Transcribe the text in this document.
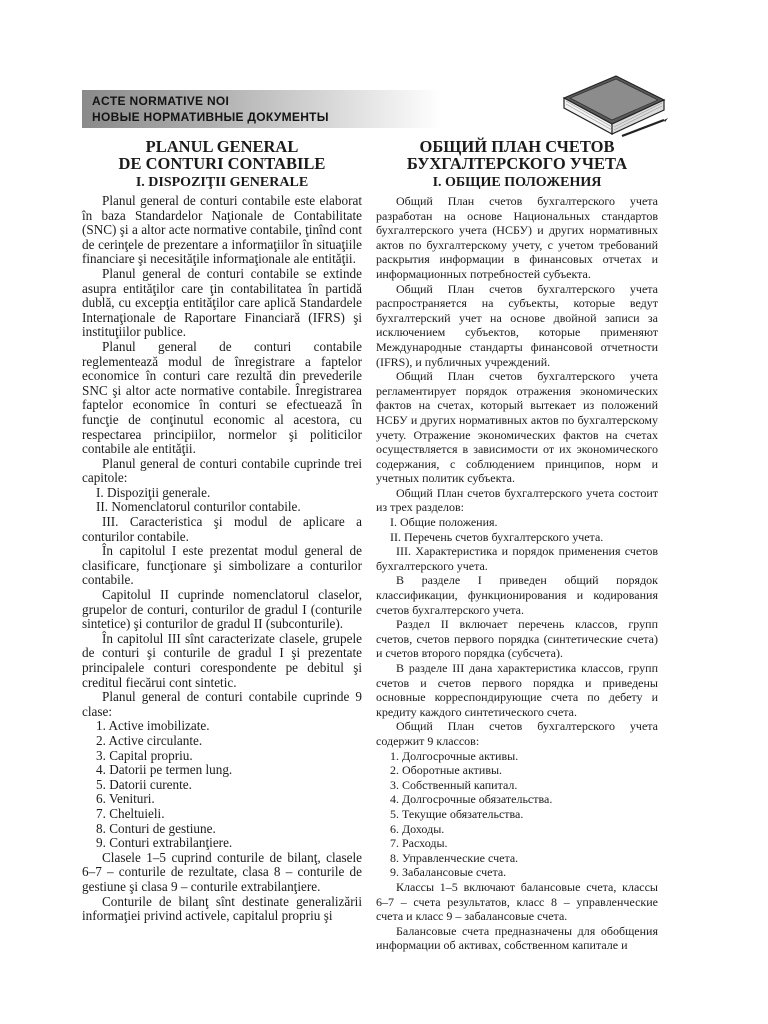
ACTE NORMATIVE NOI
НОВЫЕ НОРМАТИВНЫЕ ДОКУМЕНТЫ

PLANUL GENERAL

DE CONTURI CONTABILE

I. DISPOZIŢII GENERALE

Planul general de conturi contabile este elaborat în baza Standardelor Naţionale de Contabilitate (SNC) şi a altor acte normative contabile, ţinînd cont de cerinţele de prezentare a informaţiilor în situaţiile financiare şi necesităţile informaţionale ale entităţii.

Planul general de conturi contabile se extinde asupra entităţilor care ţin contabilitatea în partidă dublă, cu excepţia entităţilor care aplică Standardele Internaţionale de Raportare Financiară (IFRS) şi instituţiilor publice.

Planul general de conturi contabile reglementează modul de înregistrare a faptelor economice în conturi care rezultă din prevederile SNC şi altor acte normative contabile. Înregistrarea faptelor economice în conturi se efectuează în funcţie de conţinutul economic al acestora, cu respectarea principiilor, normelor şi politicilor contabile ale entităţii.

Planul general de conturi contabile cuprinde trei capitole:

I. Dispoziţii generale.

II. Nomenclatorul conturilor contabile.

III. Caracteristica şi modul de aplicare a conturilor contabile.

În capitolul I este prezentat modul general de clasificare, funcţionare şi simbolizare a conturilor contabile.

Capitolul II cuprinde nomenclatorul claselor, grupelor de conturi, conturilor de gradul I (conturile sintetice) şi conturilor de gradul II (subconturile).

În capitolul III sînt caracterizate clasele, grupele de conturi şi conturile de gradul I şi prezentate principalele conturi corespondente pe debitul şi creditul fiecărui cont sintetic.

Planul general de conturi contabile cuprinde 9 clase:

1. Active imobilizate.

2. Active circulante.

3. Capital propriu.

4. Datorii pe termen lung.

5. Datorii curente.

6. Venituri.

7. Cheltuieli.

8. Conturi de gestiune.

9. Conturi extrabilanţiere.

Clasele 1–5 cuprind conturile de bilanţ, clasele 6–7 – conturile de rezultate, clasa 8 – conturile de gestiune şi clasa 9 – conturile extrabilanţiere.

Conturile de bilanţ sînt destinate generalizării informaţiei privind activele, capitalul propriu şi

ОБЩИЙ ПЛАН СЧЕТОВ

БУХГАЛТЕРСКОГО УЧЕТА

I. ОБЩИЕ ПОЛОЖЕНИЯ

Общий План счетов бухгалтерского учета разработан на основе Национальных стандартов бухгалтерского учета (НСБУ) и других нормативных актов по бухгалтерскому учету, с учетом требований раскрытия информации в финансовых отчетах и информационных потребностей субъекта.

Общий План счетов бухгалтерского учета распространяется на субъекты, которые ведут бухгалтерский учет на основе двойной записи за исключением субъектов, которые применяют Международные стандарты финансовой отчетности (IFRS), и публичных учреждений.

Общий План счетов бухгалтерского учета регламентирует порядок отражения экономических фактов на счетах, который вытекает из положений НСБУ и других нормативных актов по бухгалтерскому учету. Отражение экономических фактов на счетах осуществляется в зависимости от их экономического содержания, с соблюдением принципов, норм и учетных политик субъекта.

Общий План счетов бухгалтерского учета состоит из трех разделов:

I. Общие положения.

II. Перечень счетов бухгалтерского учета.

III. Характеристика и порядок применения счетов бухгалтерского учета.

В разделе I приведен общий порядок классификации, функционирования и кодирования счетов бухгалтерского учета.

Раздел II включает перечень классов, групп счетов, счетов первого порядка (синтетические счета) и счетов второго порядка (субсчета).

В разделе III дана характеристика классов, групп счетов и счетов первого порядка и приведены основные корреспондирующие счета по дебету и кредиту каждого синтетического счета.

Общий План счетов бухгалтерского учета содержит 9 классов:

1. Долгосрочные активы.

2. Оборотные активы.

3. Собственный капитал.

4. Долгосрочные обязательства.

5. Текущие обязательства.

6. Доходы.

7. Расходы.

8. Управленческие счета.

9. Забалансовые счета.

Классы 1–5 включают балансовые счета, классы 6–7 – счета результатов, класс 8 – управленческие счета и класс 9 – забалансовые счета.

Балансовые счета предназначены для обобщения информации об активах, собственном капитале и
